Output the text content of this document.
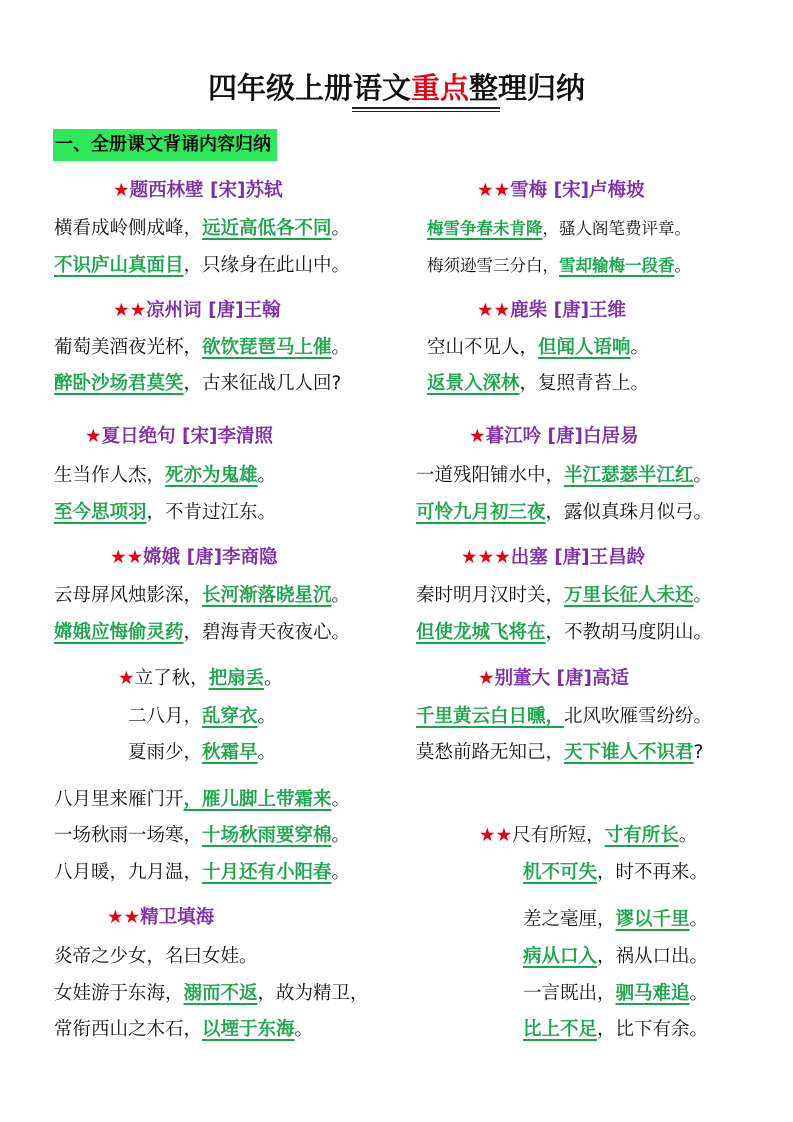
四年级上册语文重点整理归纳
一、全册课文背诵内容归纳
★题西林壁 [宋]苏轼
横看成岭侧成峰，远近高低各不同。
不识庐山真面目，只缘身在此山中。
★★雪梅 [宋]卢梅坡
梅雪争春未肯降，骚人阁笔费评章。
梅须逊雪三分白，雪却输梅一段香。
★★凉州词 [唐]王翰
葡萄美酒夜光杯，欲饮琵琶马上催。
醉卧沙场君莫笑，古来征战几人回?
★★鹿柴 [唐]王维
空山不见人，但闻人语响。
返景入深林，复照青苔上。
★夏日绝句 [宋]李清照
生当作人杰，死亦为鬼雄。
至今思项羽，不肯过江东。
★暮江吟 [唐]白居易
一道残阳铺水中，半江瑟瑟半江红。
可怜九月初三夜，露似真珠月似弓。
★★嫦娥 [唐]李商隐
云母屏风烛影深，长河渐落晓星沉。
嫦娥应悔偷灵药，碧海青天夜夜心。
★★★出塞 [唐]王昌龄
秦时明月汉时关，万里长征人未还。
但使龙城飞将在，不教胡马度阴山。
★立了秋，把扇丢。
二八月，乱穿衣。
夏雨少，秋霜早。
八月里来雁门开，雁儿脚上带霜来。
一场秋雨一场寒，十场秋雨要穿棉。
八月暖，九月温，十月还有小阳春。
★别董大 [唐]高适
千里黄云白日曛，北风吹雁雪纷纷。
莫愁前路无知己，天下谁人不识君?
★★精卫填海
炎帝之少女，名曰女娃。
女娃游于东海，溺而不返，故为精卫，
常衔西山之木石，以堙于东海。
★★尺有所短，寸有所长。
机不可失，时不再来。
差之毫厘，谬以千里。
病从口入，祸从口出。
一言既出，驷马难追。
比上不足，比下有余。
